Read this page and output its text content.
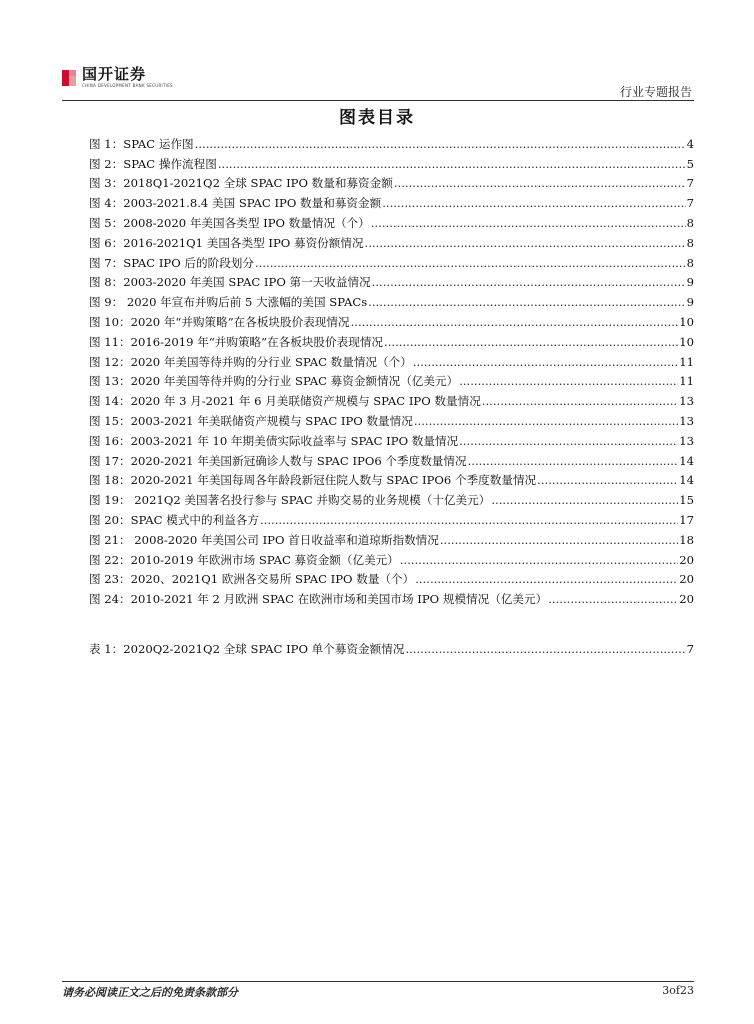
国开证券
CHINA DEVELOPMENT BANK SECURITIES	行业专题报告
图表目录
图 1：SPAC 运作图 .....	4
图 2：SPAC 操作流程图 .....	5
图 3：2018Q1-2021Q2 全球 SPAC IPO 数量和募资金额 .....	7
图 4：2003-2021.8.4 美国 SPAC IPO 数量和募资金额 .....	7
图 5：2008-2020 年美国各类型 IPO 数量情况（个） .....	8
图 6：2016-2021Q1 美国各类型 IPO 募资份额情况 .....	8
图 7：SPAC IPO 后的阶段划分 .....	8
图 8：2003-2020 年美国 SPAC IPO 第一天收益情况 .....	9
图 9： 2020 年宣布并购后前 5 大涨幅的美国 SPACs .....	9
图 10：2020 年“并购策略”在各板块股价表现情况 .....	10
图 11：2016-2019 年“并购策略”在各板块股价表现情况 .....	10
图 12：2020 年美国等待并购的分行业 SPAC 数量情况（个） .....	11
图 13：2020 年美国等待并购的分行业 SPAC 募资金额情况（亿美元） .....	11
图 14：2020 年 3 月-2021 年 6 月美联储资产规模与 SPAC IPO 数量情况 .....	13
图 15：2003-2021 年美联储资产规模与 SPAC IPO 数量情况 .....	13
图 16：2003-2021 年 10 年期美债实际收益率与 SPAC IPO 数量情况 .....	13
图 17：2020-2021 年美国新冠确诊人数与 SPAC IPO6 个季度数量情况 .....	14
图 18：2020-2021 年美国每周各年龄段新冠住院人数与 SPAC IPO6 个季度数量情况 .....	14
图 19： 2021Q2 美国著名投行参与 SPAC 并购交易的业务规模（十亿美元） .....	15
图 20：SPAC 模式中的利益各方 .....	17
图 21： 2008-2020 年美国公司 IPO 首日收益率和道琼斯指数情况 .....	18
图 22：2010-2019 年欧洲市场 SPAC 募资金额（亿美元） .....	20
图 23：2020、2021Q1 欧洲各交易所 SPAC IPO 数量（个） .....	20
图 24：2010-2021 年 2 月欧洲 SPAC 在欧洲市场和美国市场 IPO 规模情况（亿美元） .....	20
表 1：2020Q2-2021Q2 全球 SPAC IPO 单个募资金额情况 .....	7
请务必阅读正文之后的免责条款部分	3of23
